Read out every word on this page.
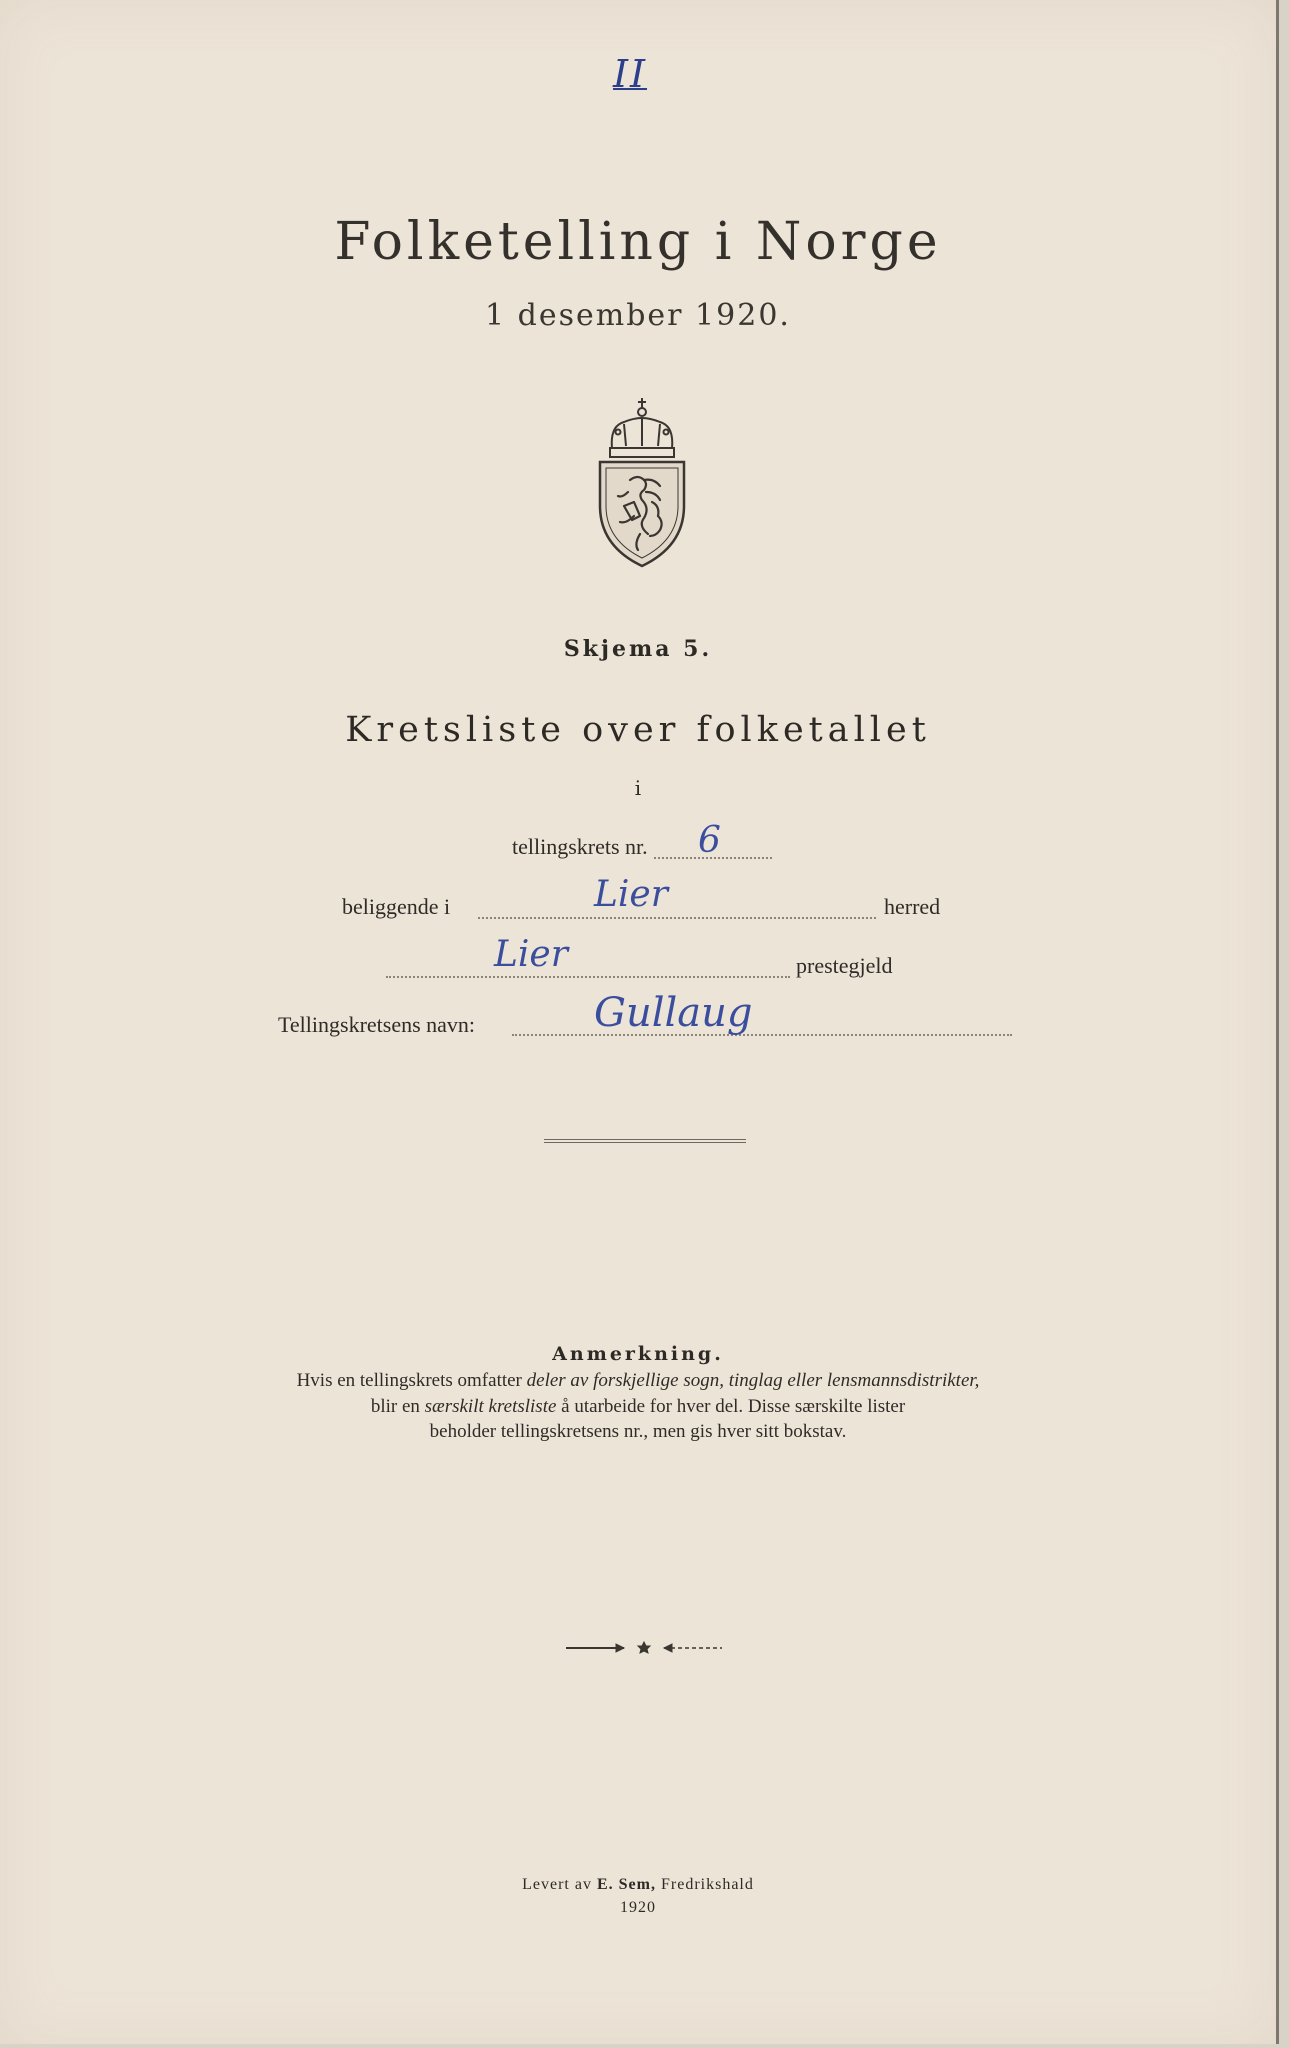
II
Folketelling i Norge
1 desember 1920.
Skjema 5.
Kretsliste over folketallet
i
tellingskrets nr. 6
beliggende i	Lier	herred
Lier	prestegjeld
Tellingskretsens navn:	Gullaug
Anmerkning.
Hvis en tellingskrets omfatter deler av forskjellige sogn, tinglag eller lensmannsdistrikter,
blir en særskilt kretsliste å utarbeide for hver del. Disse særskilte lister
beholder tellingskretsens nr., men gis hver sitt bokstav.
Levert av E. Sem, Fredrikshald
1920
